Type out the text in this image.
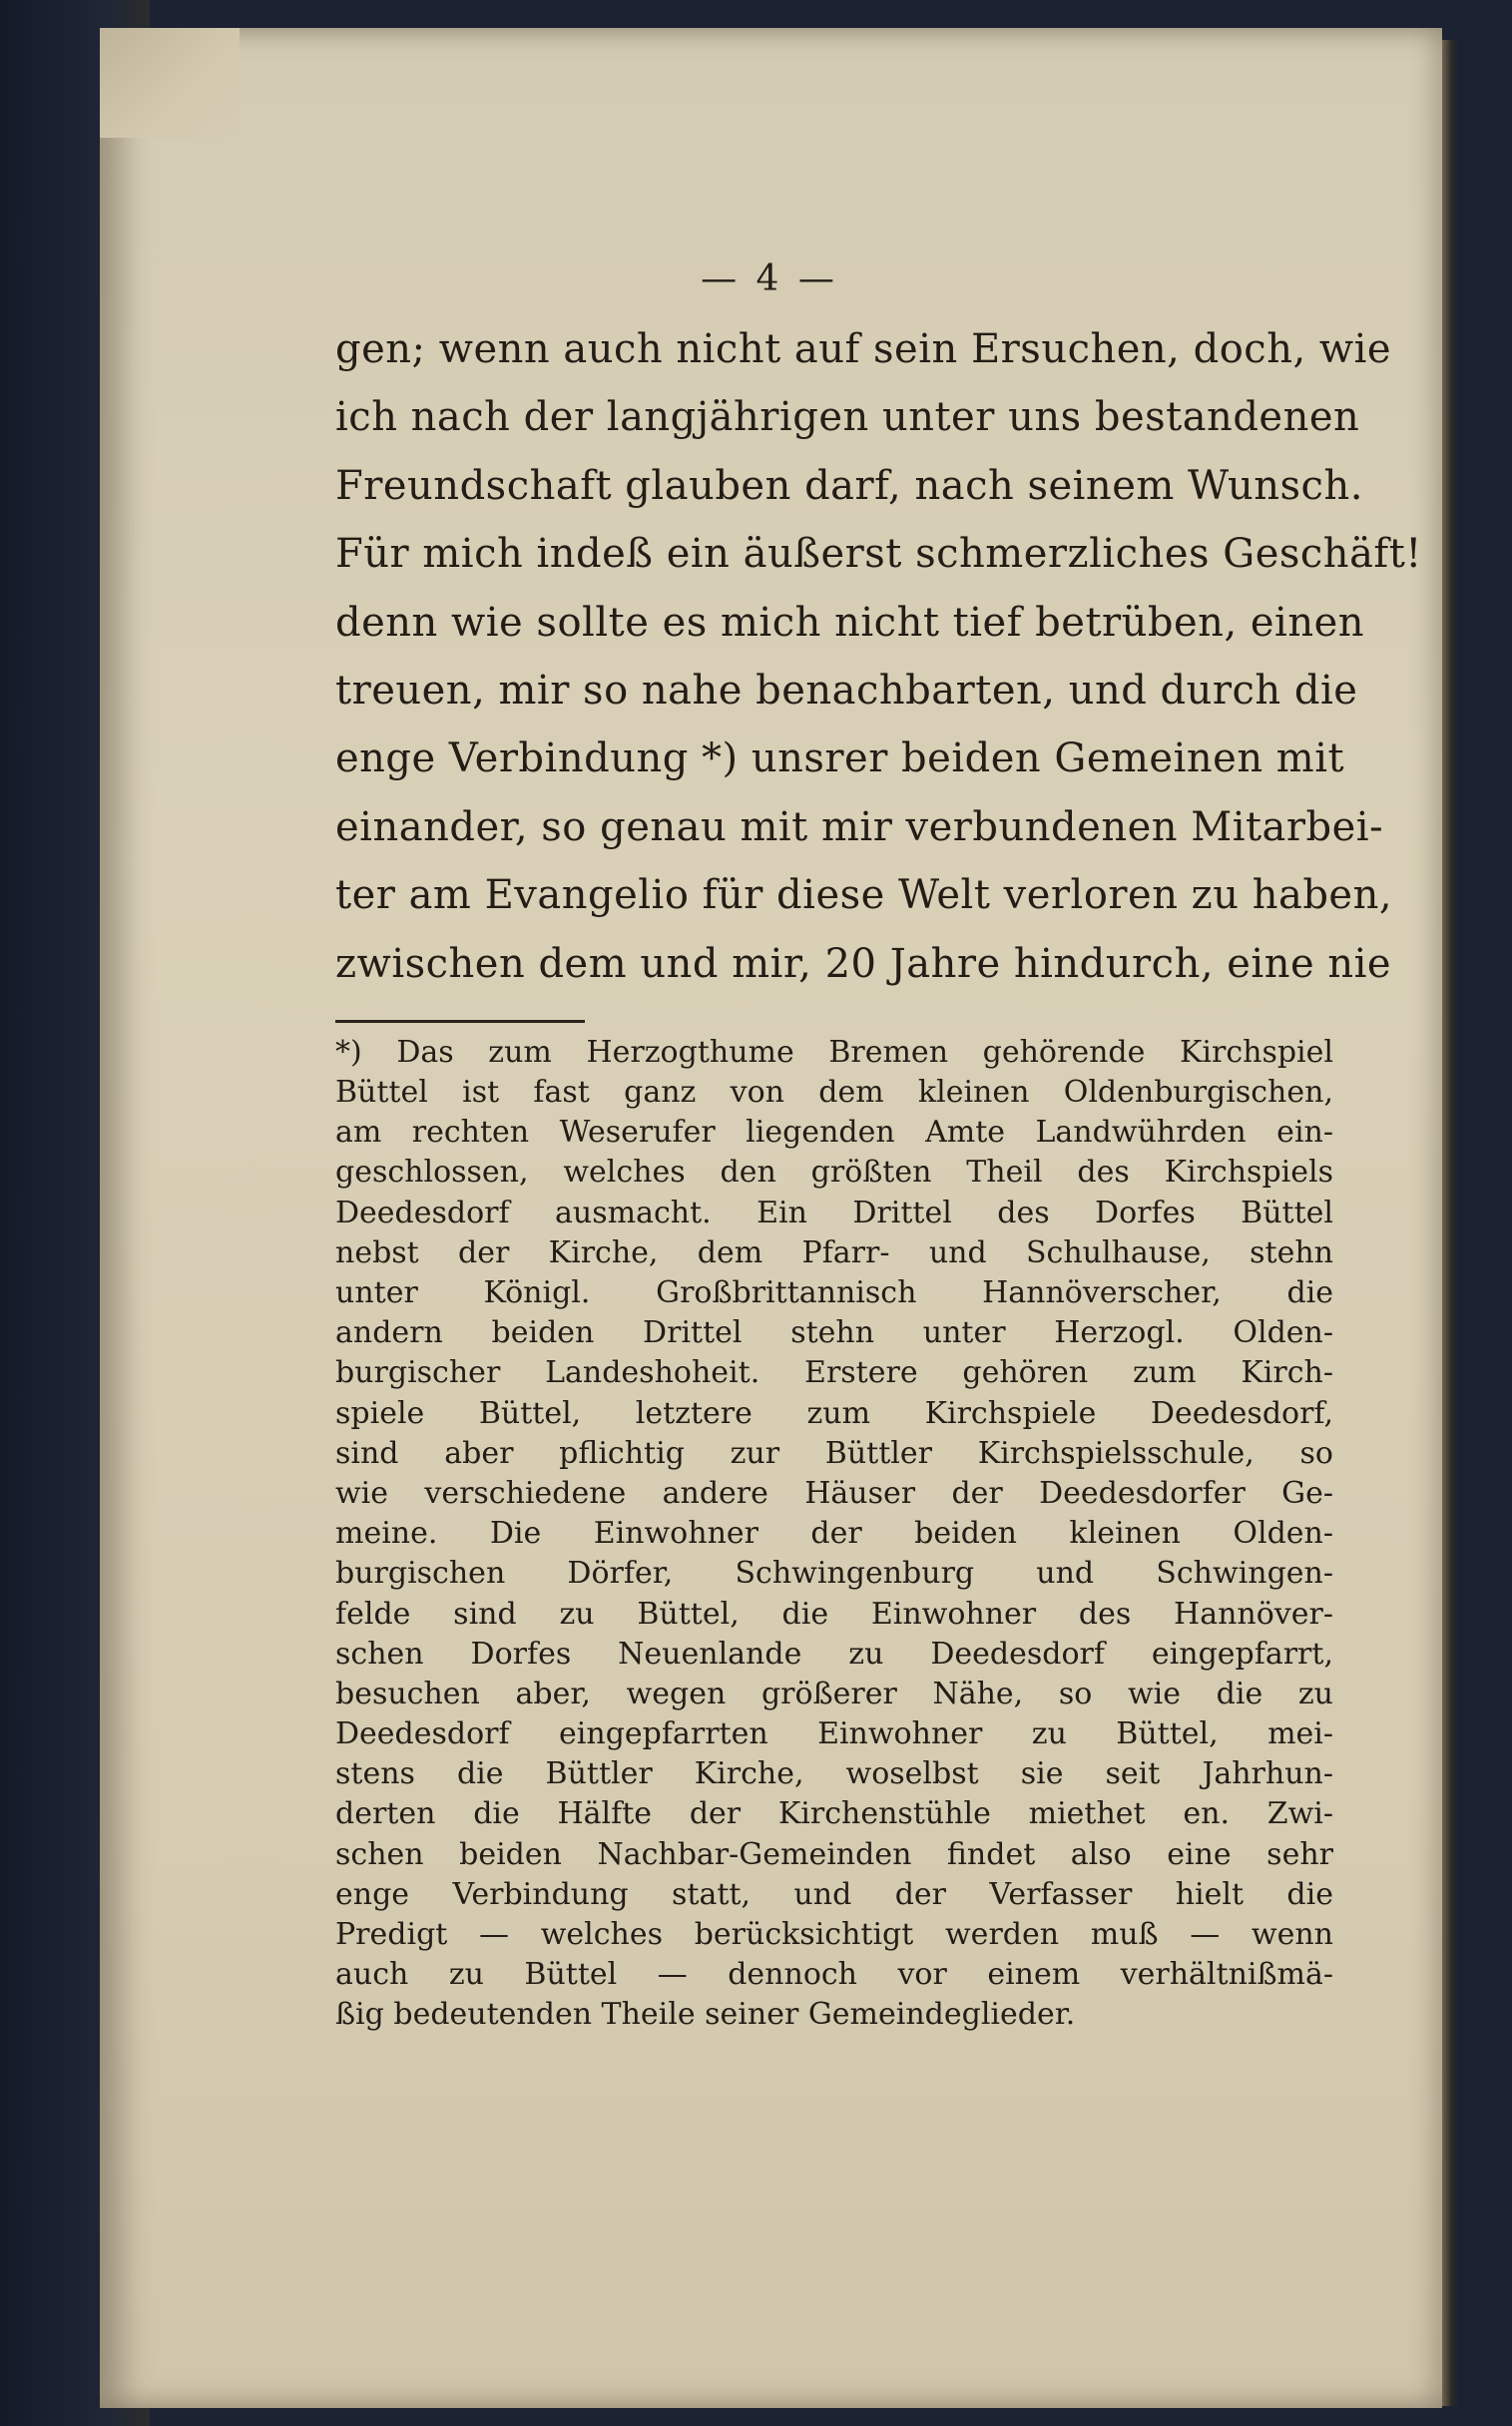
— 4 —
gen; wenn auch nicht auf sein Ersuchen, doch, wie
ich nach der langjährigen unter uns bestandenen
Freundschaft glauben darf, nach seinem Wunsch.
Für mich indeß ein äußerst schmerzliches Geschäft!
denn wie sollte es mich nicht tief betrüben, einen
treuen, mir so nahe benachbarten, und durch die
enge Verbindung *) unsrer beiden Gemeinen mit
einander, so genau mit mir verbundenen Mitarbei-
ter am Evangelio für diese Welt verloren zu haben,
zwischen dem und mir, 20 Jahre hindurch, eine nie
*) Das zum Herzogthume Bremen gehörende Kirchspiel
Büttel ist fast ganz von dem kleinen Oldenburgischen,
am rechten Weserufer liegenden Amte Landwührden ein-
geschlossen, welches den größten Theil des Kirchspiels
Deedesdorf ausmacht. Ein Drittel des Dorfes Büttel
nebst der Kirche, dem Pfarr- und Schulhause, stehn
unter Königl. Großbrittannisch Hannöverscher, die
andern beiden Drittel stehn unter Herzogl. Olden-
burgischer Landeshoheit. Erstere gehören zum Kirch-
spiele Büttel, letztere zum Kirchspiele Deedesdorf,
sind aber pflichtig zur Büttler Kirchspielsschule, so
wie verschiedene andere Häuser der Deedesdorfer Ge-
meine. Die Einwohner der beiden kleinen Olden-
burgischen Dörfer, Schwingenburg und Schwingen-
felde sind zu Büttel, die Einwohner des Hannöver-
schen Dorfes Neuenlande zu Deedesdorf eingepfarrt,
besuchen aber, wegen größerer Nähe, so wie die zu
Deedesdorf eingepfarrten Einwohner zu Büttel, mei-
stens die Büttler Kirche, woselbst sie seit Jahrhun-
derten die Hälfte der Kirchenstühle miethet en. Zwi-
schen beiden Nachbar-Gemeinden findet also eine sehr
enge Verbindung statt, und der Verfasser hielt die
Predigt — welches berücksichtigt werden muß — wenn
auch zu Büttel — dennoch vor einem verhältnißmä-
ßig bedeutenden Theile seiner Gemeindeglieder.
